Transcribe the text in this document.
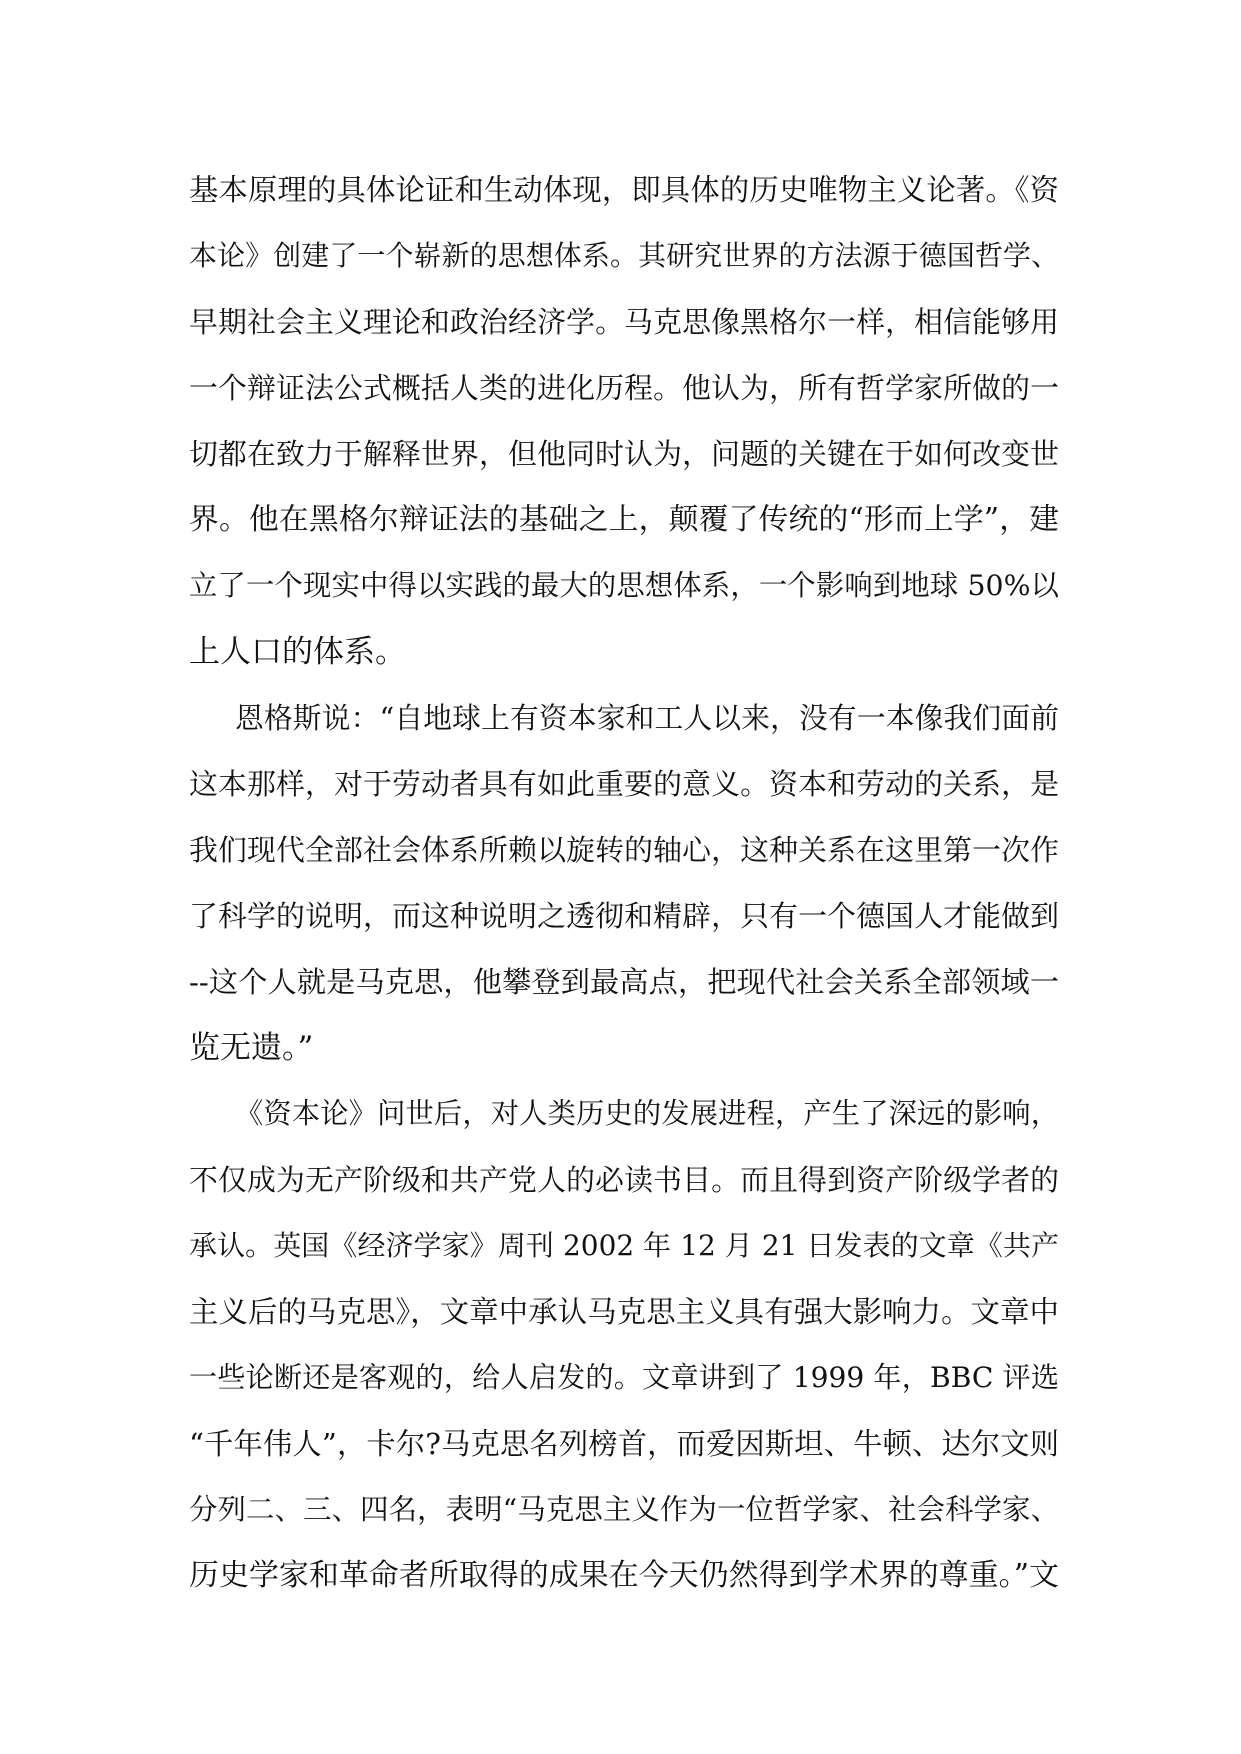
基本原理的具体论证和生动体现，即具体的历史唯物主义论著。《资
本论》创建了一个崭新的思想体系。其研究世界的方法源于德国哲学、
早期社会主义理论和政治经济学。马克思像黑格尔一样，相信能够用
一个辩证法公式概括人类的进化历程。他认为，所有哲学家所做的一
切都在致力于解释世界，但他同时认为，问题的关键在于如何改变世
界。他在黑格尔辩证法的基础之上，颠覆了传统的“形而上学”，建
立了一个现实中得以实践的最大的思想体系，一个影响到地球 50%以
上人口的体系。
恩格斯说：“自地球上有资本家和工人以来，没有一本像我们面前
这本那样，对于劳动者具有如此重要的意义。资本和劳动的关系，是
我们现代全部社会体系所赖以旋转的轴心，这种关系在这里第一次作
了科学的说明，而这种说明之透彻和精辟，只有一个德国人才能做到
--这个人就是马克思，他攀登到最高点，把现代社会关系全部领域一
览无遗。”
《资本论》问世后，对人类历史的发展进程，产生了深远的影响，
不仅成为无产阶级和共产党人的必读书目。而且得到资产阶级学者的
承认。英国《经济学家》周刊 2002 年 12 月 21 日发表的文章《共产
主义后的马克思》，文章中承认马克思主义具有强大影响力。文章中
一些论断还是客观的，给人启发的。文章讲到了 1999 年，BBC 评选
“千年伟人”，卡尔?马克思名列榜首，而爱因斯坦、牛顿、达尔文则
分列二、三、四名，表明“马克思主义作为一位哲学家、社会科学家、
历史学家和革命者所取得的成果在今天仍然得到学术界的尊重。”文
